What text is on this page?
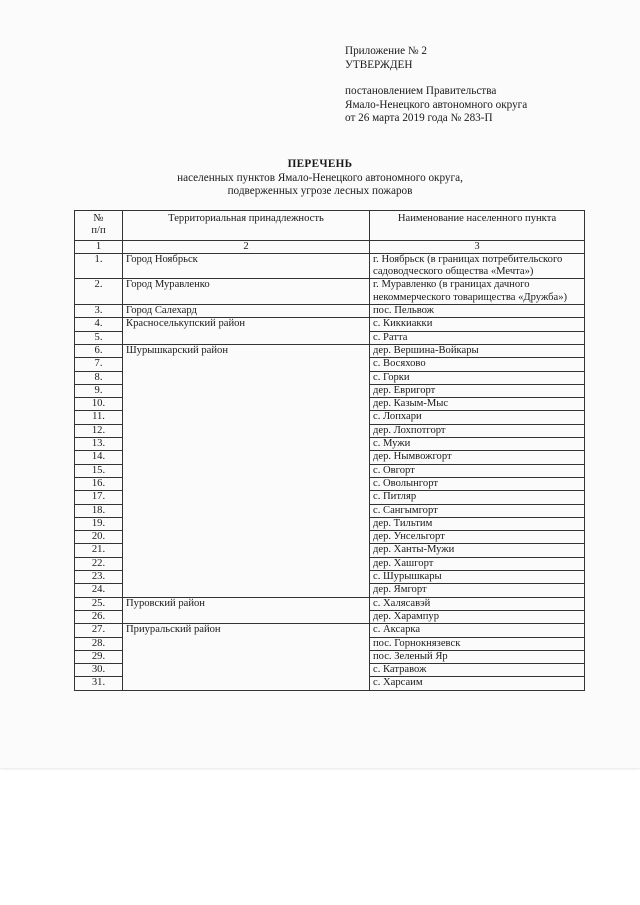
Приложение № 2
УТВЕРЖДЕН
постановлением Правительства
Ямало-Ненецкого автономного округа
от 26 марта 2019 года № 283-П
ПЕРЕЧЕНЬ
населенных пунктов Ямало-Ненецкого автономного округа,
подверженных угрозе лесных пожаров
№
п/п	Территориальная принадлежность	Наименование населенного пункта
1	2	3
1.	Город Ноябрьск	г. Ноябрьск (в границах потребительского садоводческого общества «Мечта»)
2.	Город Муравленко	г. Муравленко (в границах дачного некоммерческого товарищества «Дружба»)
3.	Город Салехард	пос. Пельвож
4.	Красноселькупский район	с. Киккиакки
5.		с. Ратта
6.	Шурышкарский район	дер. Вершина-Войкары
7.		с. Восяхово
8.		с. Горки
9.		дер. Евригорт
10.		дер. Казым-Мыс
11.		с. Лопхари
12.		дер. Лохпотгорт
13.		с. Мужи
14.		дер. Нымвожгорт
15.		с. Овгорт
16.		с. Оволынгорт
17.		с. Питляр
18.		с. Сангымгорт
19.		дер. Тильтим
20.		дер. Унсельгорт
21.		дер. Ханты-Мужи
22.		дер. Хашгорт
23.		с. Шурышкары
24.		дер. Ямгорт
25.	Пуровский район	с. Халясавэй
26.		дер. Харампур
27.	Приуральский район	с. Аксарка
28.		пос. Горнокнязевск
29.		пос. Зеленый Яр
30.		с. Катравож
31.		с. Харсаим
